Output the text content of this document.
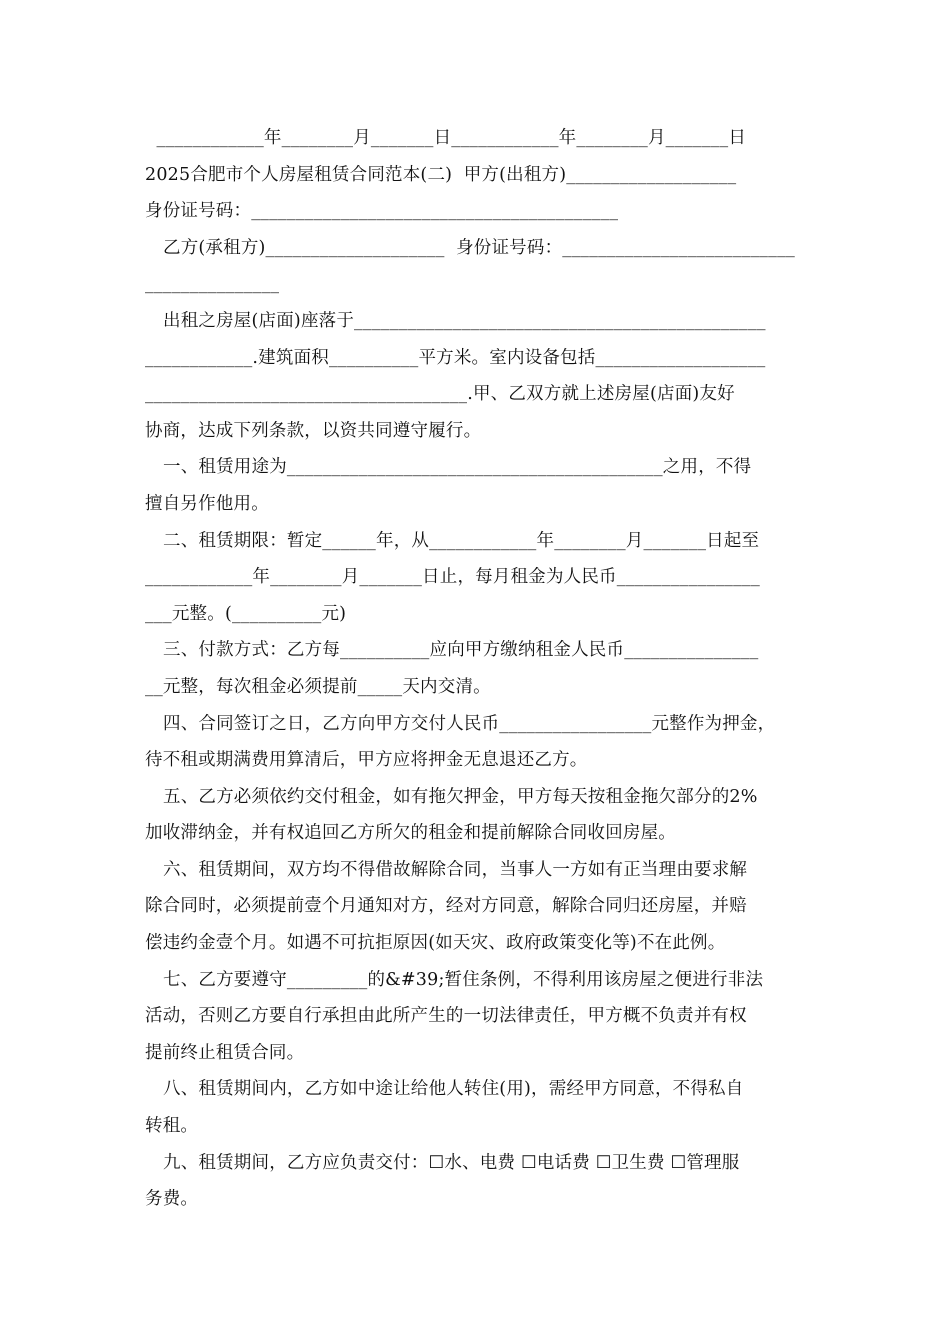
____________年________月_______日____________年________月_______日
2025合肥市个人房屋租赁合同范本(二)  甲方(出租方)___________________
身份证号码：_________________________________________
乙方(承租方)____________________  身份证号码：__________________________
_______________
出租之房屋(店面)座落于______________________________________________
____________.建筑面积__________平方米。室内设备包括___________________
____________________________________.甲、乙双方就上述房屋(店面)友好
协商，达成下列条款，以资共同遵守履行。
一、租赁用途为__________________________________________之用，不得
擅自另作他用。
二、租赁期限：暂定______年，从____________年________月_______日起至
____________年________月_______日止，每月租金为人民币________________
___元整。(__________元)
三、付款方式：乙方每__________应向甲方缴纳租金人民币_______________
__元整，每次租金必须提前_____天内交清。
四、合同签订之日，乙方向甲方交付人民币_________________元整作为押金，
待不租或期满费用算清后，甲方应将押金无息退还乙方。
五、乙方必须依约交付租金，如有拖欠押金，甲方每天按租金拖欠部分的2%
加收滞纳金，并有权追回乙方所欠的租金和提前解除合同收回房屋。
六、租赁期间，双方均不得借故解除合同，当事人一方如有正当理由要求解
除合同时，必须提前壹个月通知对方，经对方同意，解除合同归还房屋，并赔
偿违约金壹个月。如遇不可抗拒原因(如天灾、政府政策变化等)不在此例。
七、乙方要遵守_________的&#39;暂住条例，不得利用该房屋之便进行非法
活动，否则乙方要自行承担由此所产生的一切法律责任，甲方概不负责并有权
提前终止租赁合同。
八、租赁期间内，乙方如中途让给他人转住(用)，需经甲方同意，不得私自
转租。
九、租赁期间，乙方应负责交付：☐水、电费 ☐电话费 ☐卫生费 ☐管理服
务费。
